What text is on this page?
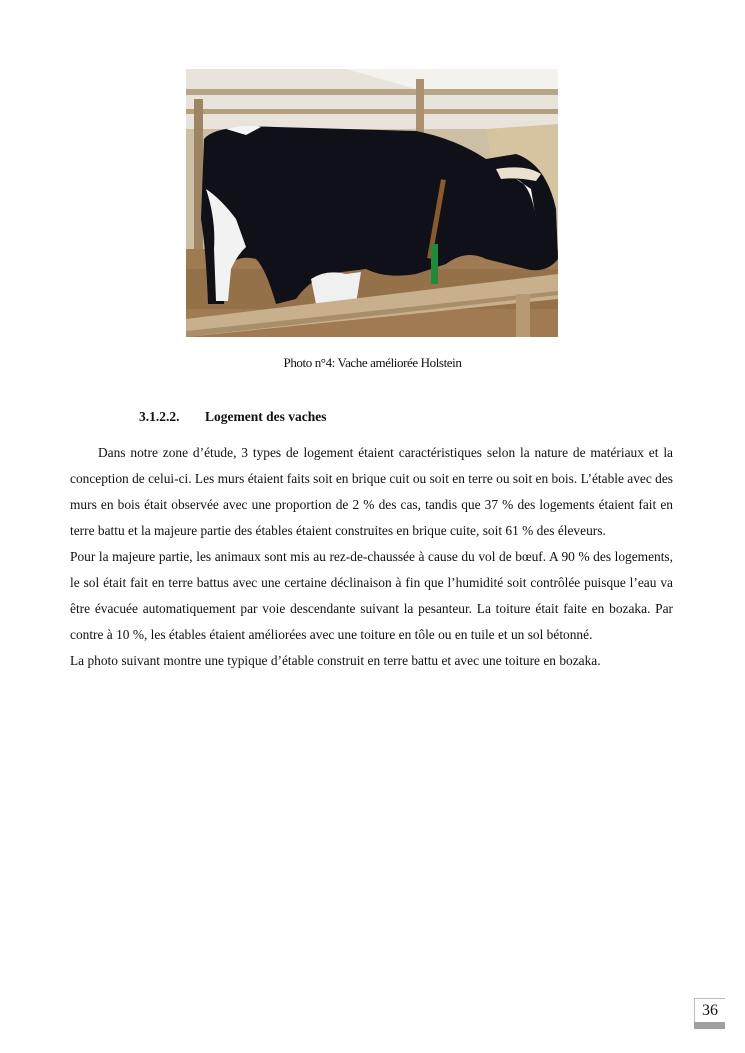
Photo n°4: Vache améliorée Holstein
3.1.2.2. Logement des vaches

Dans notre zone d’étude, 3 types de logement étaient caractéristiques selon la nature de matériaux et la conception de celui-ci. Les murs étaient faits soit en brique cuit ou soit en terre ou soit en bois. L’étable avec des murs en bois était observée avec une proportion de 2 % des cas, tandis que 37 % des logements étaient fait en terre battu et la majeure partie des étables étaient construites en brique cuite, soit 61 % des éleveurs.

Pour la majeure partie, les animaux sont mis au rez-de-chaussée à cause du vol de bœuf. A 90 % des logements, le sol était fait en terre battus avec une certaine déclinaison à fin que l’humidité soit contrôlée puisque l’eau va être évacuée automatiquement par voie descendante suivant la pesanteur. La toiture était faite en bozaka. Par contre à 10 %, les étables étaient améliorées avec une toiture en tôle ou en tuile et un sol bétonné.

La photo suivant montre une typique d’étable construit en terre battu et avec une toiture en bozaka.

36
